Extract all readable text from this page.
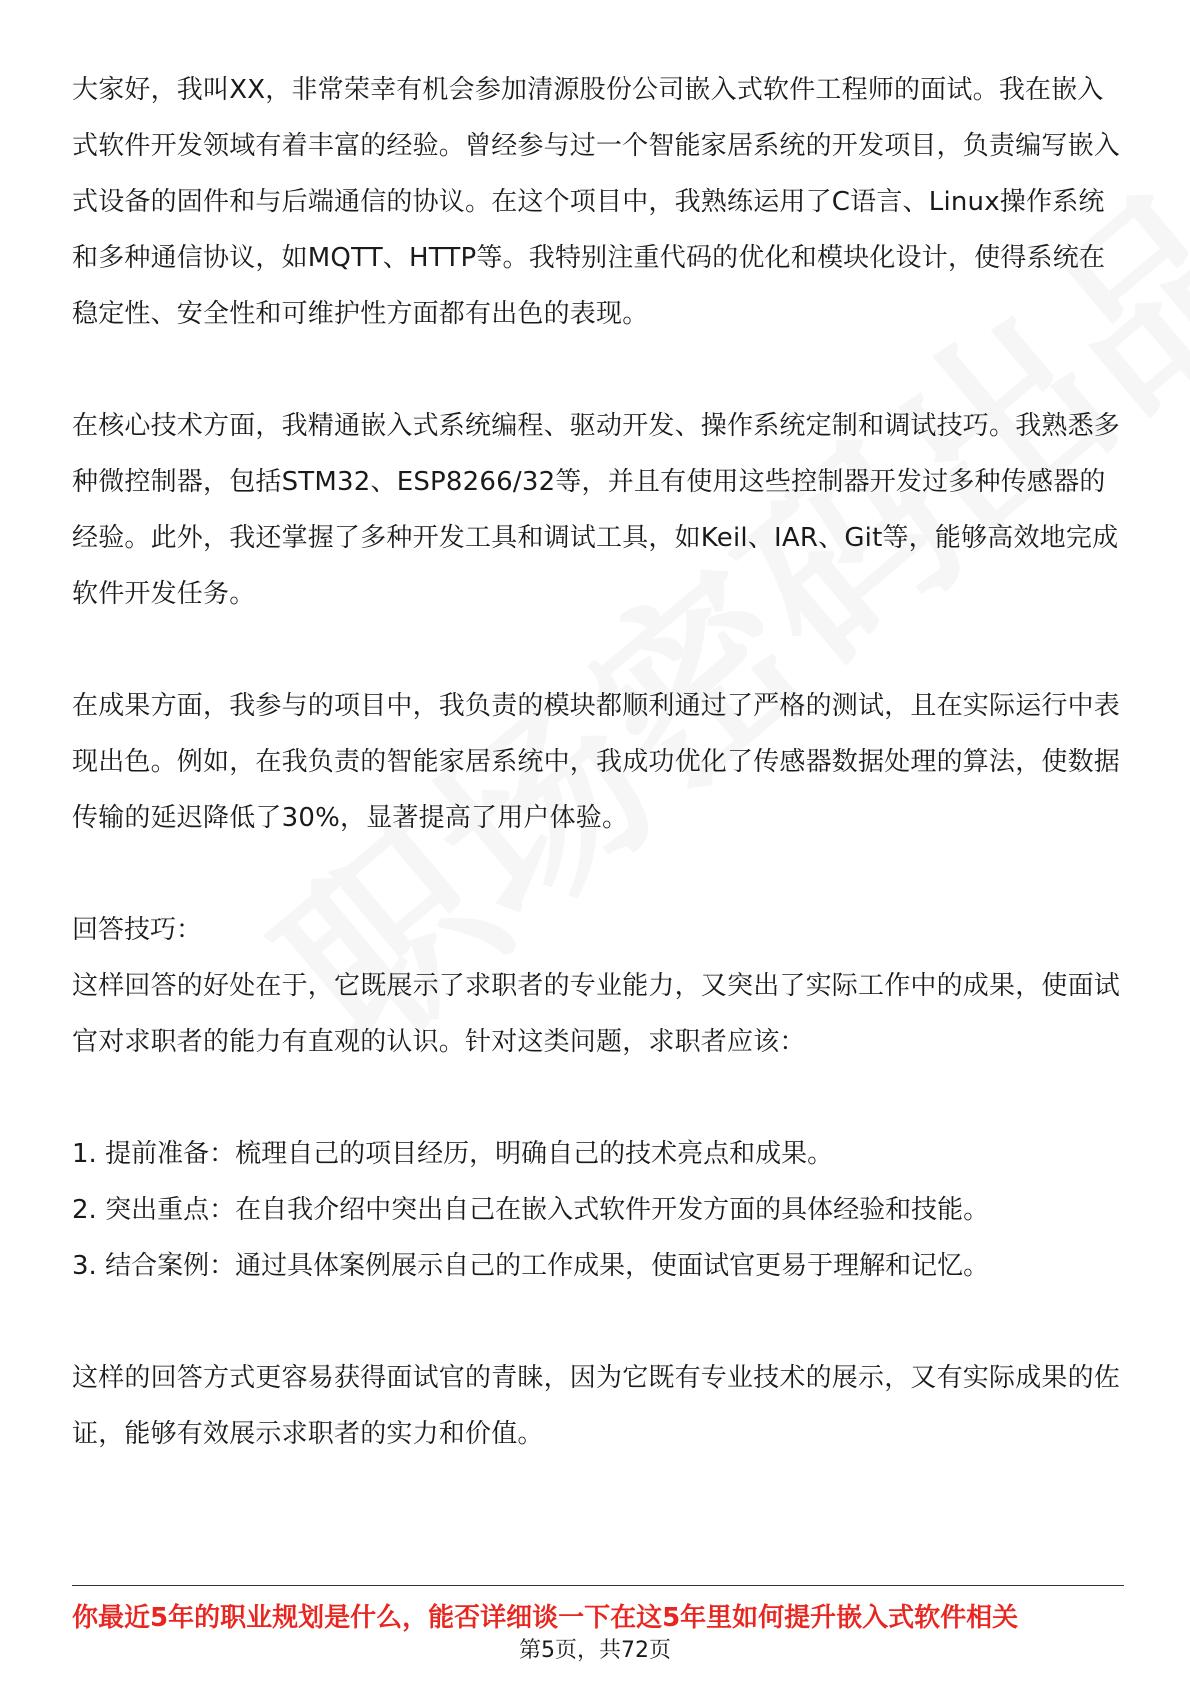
大家好，我叫XX，非常荣幸有机会参加清源股份公司嵌入式软件工程师的面试。我在嵌入式软件开发领域有着丰富的经验。曾经参与过一个智能家居系统的开发项目，负责编写嵌入式设备的固件和与后端通信的协议。在这个项目中，我熟练运用了C语言、Linux操作系统和多种通信协议，如MQTT、HTTP等。我特别注重代码的优化和模块化设计，使得系统在稳定性、安全性和可维护性方面都有出色的表现。

在核心技术方面，我精通嵌入式系统编程、驱动开发、操作系统定制和调试技巧。我熟悉多种微控制器，包括STM32、ESP8266/32等，并且有使用这些控制器开发过多种传感器的经验。此外，我还掌握了多种开发工具和调试工具，如Keil、IAR、Git等，能够高效地完成软件开发任务。

在成果方面，我参与的项目中，我负责的模块都顺利通过了严格的测试，且在实际运行中表现出色。例如，在我负责的智能家居系统中，我成功优化了传感器数据处理的算法，使数据传输的延迟降低了30%，显著提高了用户体验。

回答技巧：

这样回答的好处在于，它既展示了求职者的专业能力，又突出了实际工作中的成果，使面试官对求职者的能力有直观的认识。针对这类问题，求职者应该：

1. 提前准备：梳理自己的项目经历，明确自己的技术亮点和成果。
2. 突出重点：在自我介绍中突出自己在嵌入式软件开发方面的具体经验和技能。
3. 结合案例：通过具体案例展示自己的工作成果，使面试官更易于理解和记忆。

这样的回答方式更容易获得面试官的青睐，因为它既有专业技术的展示，又有实际成果的佐证，能够有效展示求职者的实力和价值。

你最近5年的职业规划是什么，能否详细谈一下在这5年里如何提升嵌入式软件相关
第5页，共72页
